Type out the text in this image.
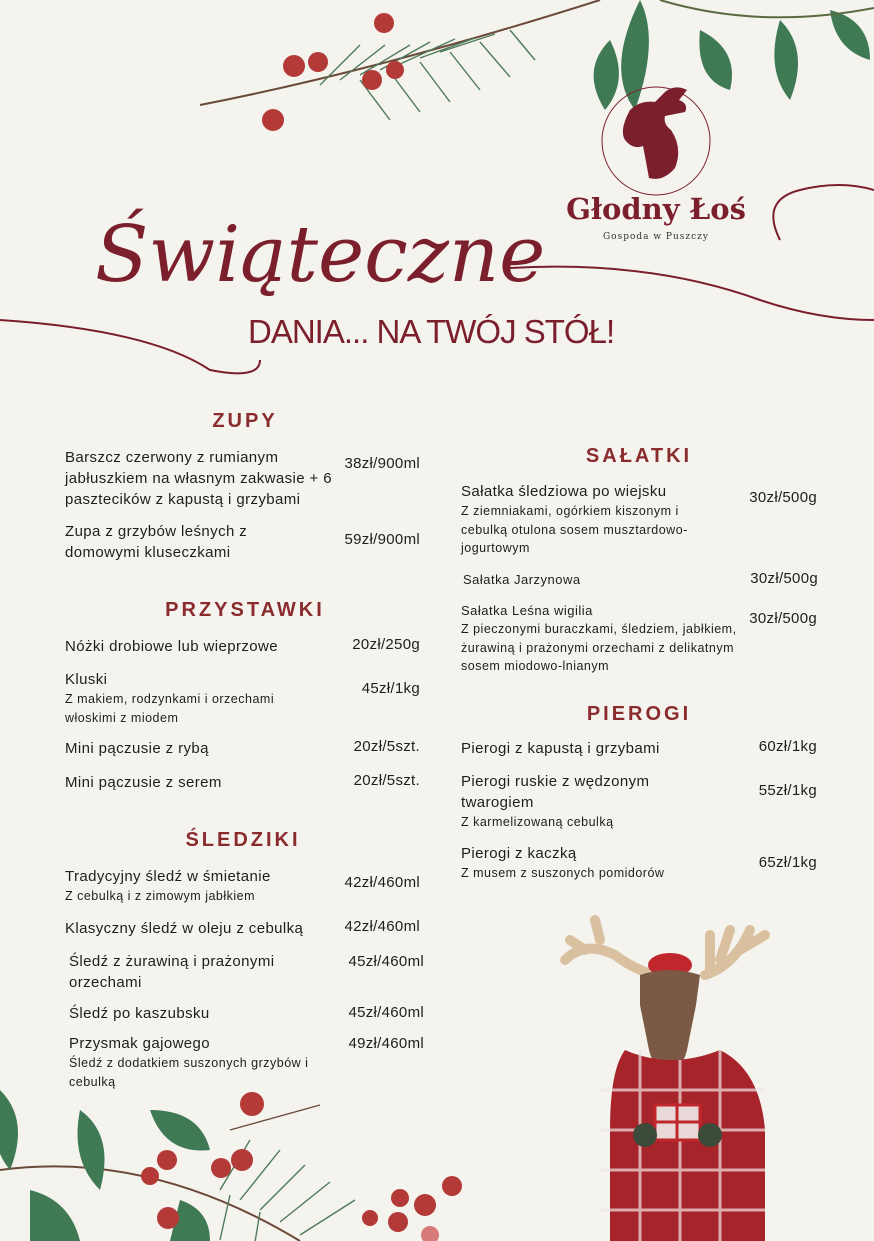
Głodny Łoś
Gospoda w Puszczy
Świąteczne
DANIA... NA TWÓJ STÓŁ!
ZUPY
Barszcz czerwony z rumianym jabłuszkiem na własnym zakwasie + 6 pasztecików z kapustą i grzybami
38zł/900ml
Zupa z grzybów leśnych z domowymi kluseczkami
59zł/900ml
PRZYSTAWKI
Nóżki drobiowe lub wieprzowe	20zł/250g
Kluski
Z makiem, rodzynkami i orzechami włoskimi z miodem
45zł/1kg
Mini pączusie z rybą	20zł/5szt.
Mini pączusie z serem	20zł/5szt.
ŚLEDZIKI
Tradycyjny śledź w śmietanie
Z cebulką i z zimowym jabłkiem
42zł/460ml
Klasyczny śledź w oleju z cebulką	42zł/460ml
Śledź z żurawiną i prażonymi orzechami
45zł/460ml
Śledź po kaszubsku	45zł/460ml
Przysmak gajowego
Śledź z dodatkiem suszonych grzybów i cebulką
49zł/460ml
SAŁATKI
Sałatka śledziowa po wiejsku
Z ziemniakami, ogórkiem kiszonym i cebulką otulona sosem musztardowo-jogurtowym
30zł/500g
Sałatka Jarzynowa	30zł/500g
Sałatka Leśna wigilia
Z pieczonymi buraczkami, śledziem, jabłkiem, żurawiną i prażonymi orzechami z delikatnym sosem miodowo-lnianym
30zł/500g
PIEROGI
Pierogi z kapustą i grzybami	60zł/1kg
Pierogi ruskie z wędzonym twarogiem
Z karmelizowaną cebulką
55zł/1kg
Pierogi z kaczką
Z musem z suszonych pomidorów
65zł/1kg
